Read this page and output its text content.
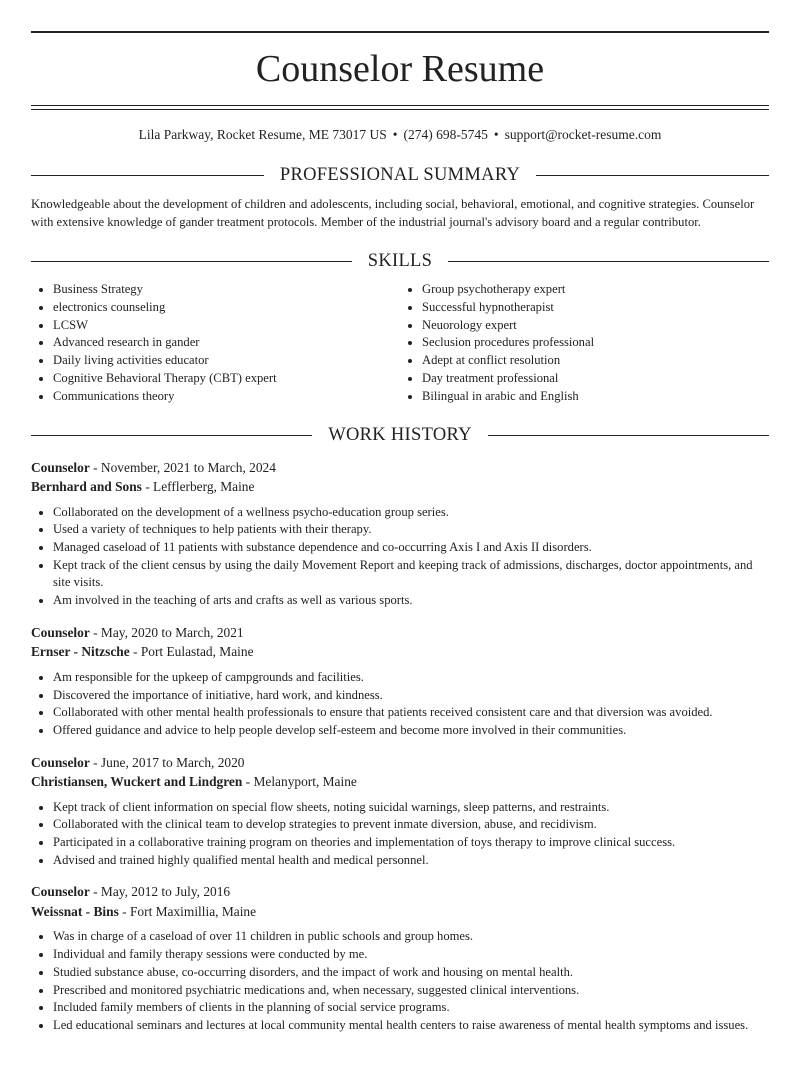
Counselor Resume
Lila Parkway, Rocket Resume, ME 73017 US • (274) 698-5745 • support@rocket-resume.com
PROFESSIONAL SUMMARY
Knowledgeable about the development of children and adolescents, including social, behavioral, emotional, and cognitive strategies. Counselor with extensive knowledge of gander treatment protocols. Member of the industrial journal's advisory board and a regular contributor.
SKILLS
• Business Strategy
• electronics counseling
• LCSW
• Advanced research in gander
• Daily living activities educator
• Cognitive Behavioral Therapy (CBT) expert
• Communications theory
• Group psychotherapy expert
• Successful hypnotherapist
• Neuorology expert
• Seclusion procedures professional
• Adept at conflict resolution
• Day treatment professional
• Bilingual in arabic and English
WORK HISTORY
Counselor - November, 2021 to March, 2024
Bernhard and Sons - Lefflerberg, Maine
• Collaborated on the development of a wellness psycho-education group series.
• Used a variety of techniques to help patients with their therapy.
• Managed caseload of 11 patients with substance dependence and co-occurring Axis I and Axis II disorders.
• Kept track of the client census by using the daily Movement Report and keeping track of admissions, discharges, doctor appointments, and site visits.
• Am involved in the teaching of arts and crafts as well as various sports.
Counselor - May, 2020 to March, 2021
Ernser - Nitzsche - Port Eulastad, Maine
• Am responsible for the upkeep of campgrounds and facilities.
• Discovered the importance of initiative, hard work, and kindness.
• Collaborated with other mental health professionals to ensure that patients received consistent care and that diversion was avoided.
• Offered guidance and advice to help people develop self-esteem and become more involved in their communities.
Counselor - June, 2017 to March, 2020
Christiansen, Wuckert and Lindgren - Melanyport, Maine
• Kept track of client information on special flow sheets, noting suicidal warnings, sleep patterns, and restraints.
• Collaborated with the clinical team to develop strategies to prevent inmate diversion, abuse, and recidivism.
• Participated in a collaborative training program on theories and implementation of toys therapy to improve clinical success.
• Advised and trained highly qualified mental health and medical personnel.
Counselor - May, 2012 to July, 2016
Weissnat - Bins - Fort Maximillia, Maine
• Was in charge of a caseload of over 11 children in public schools and group homes.
• Individual and family therapy sessions were conducted by me.
• Studied substance abuse, co-occurring disorders, and the impact of work and housing on mental health.
• Prescribed and monitored psychiatric medications and, when necessary, suggested clinical interventions.
• Included family members of clients in the planning of social service programs.
• Led educational seminars and lectures at local community mental health centers to raise awareness of mental health symptoms and issues.
